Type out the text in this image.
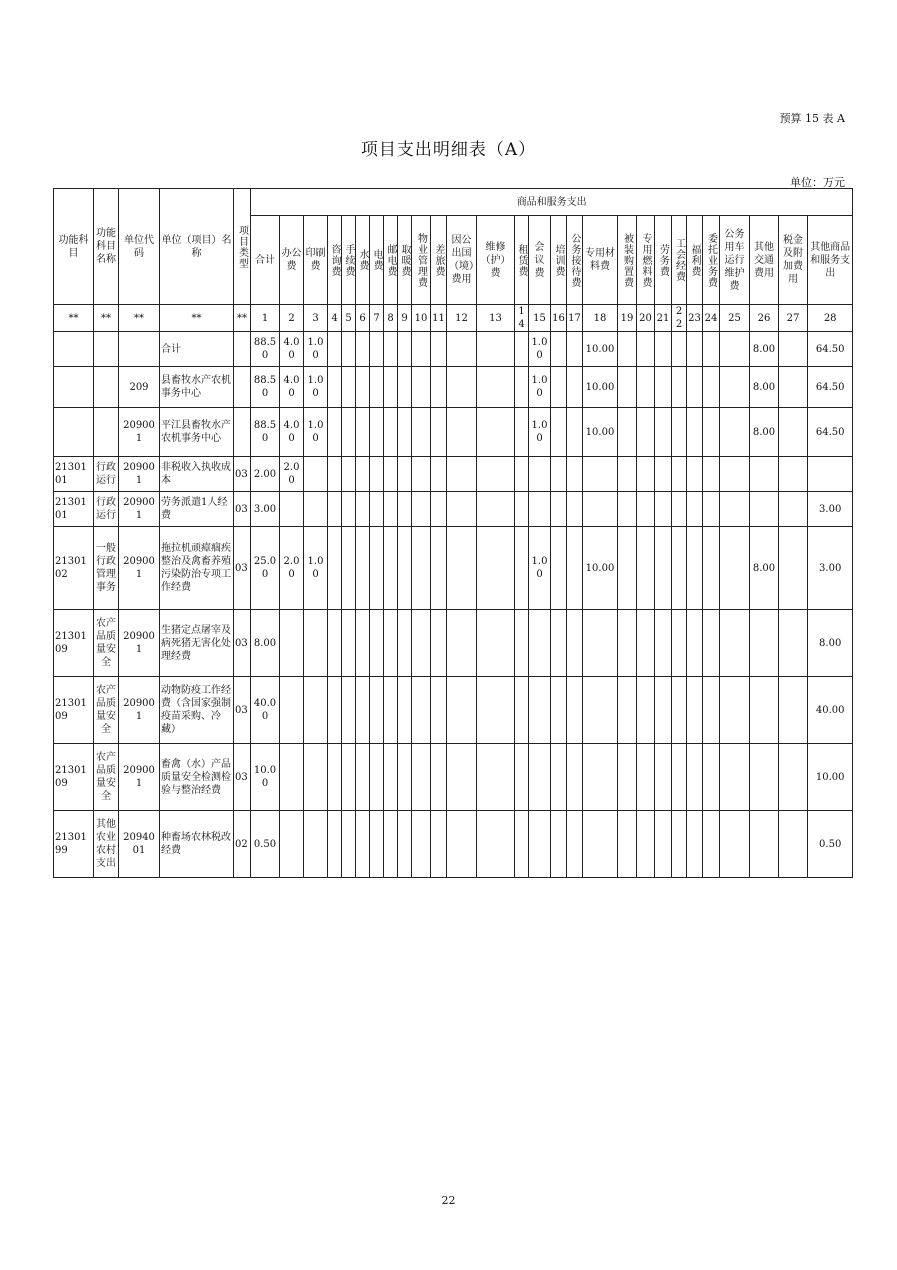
预算 15 表 A
项目支出明细表（A）
单位：万元
功能科目	功能科目名称	单位代码	单位（项目）名称	项目类型	商品和服务支出																											
					合计	办公费	印刷费	咨询费	手续费	水费	电费	邮电费	取暖费	物业管理费	差旅费	因公出国（境）费用	维修（护）费	租赁费	会议费	培训费	公务接待费	专用材料费	被装购置费	专用燃料费	劳务费	工会经费	福利费	委托业务费	公务用车运行维护费	其他交通费用	税金及附加费用	其他商品和服务支出
**	**	**	**	**	1	2	3	4	5	6	7	8	9	10	11	12	13	14	15	16	17	18	19	20	21	22	23	24	25	26	27	28
			合计		88.50	4.00	1.00												1.00			10.00								8.00		64.50
		209	县畜牧水产农机事务中心		88.50	4.00	1.00												1.00			10.00								8.00		64.50
		209001	平江县畜牧水产农机事务中心		88.50	4.00	1.00												1.00			10.00								8.00		64.50
2130101	行政运行	209001	非税收入执收成本	03	2.00	2.00																										
2130101	行政运行	209001	劳务派遣1人经费	03	3.00																											3.00
2130102	一般行政管理事务	209001	拖拉机顽瘴痼疾整治及禽畜养殖污染防治专项工作经费	03	25.00	2.00	1.00												1.00			10.00								8.00		3.00
2130109	农产品质量安全	209001	生猪定点屠宰及病死猪无害化处理经费	03	8.00																											8.00
2130109	农产品质量安全	209001	动物防疫工作经费（含国家强制疫苗采购、冷藏）	03	40.00																											40.00
2130109	农产品质量安全	209001	畜禽（水）产品质量安全检测检验与整治经费	03	10.00																											10.00
2130199	其他农业农村支出	2094001	种畜场农林税改经费	02	0.50																											0.50
22
